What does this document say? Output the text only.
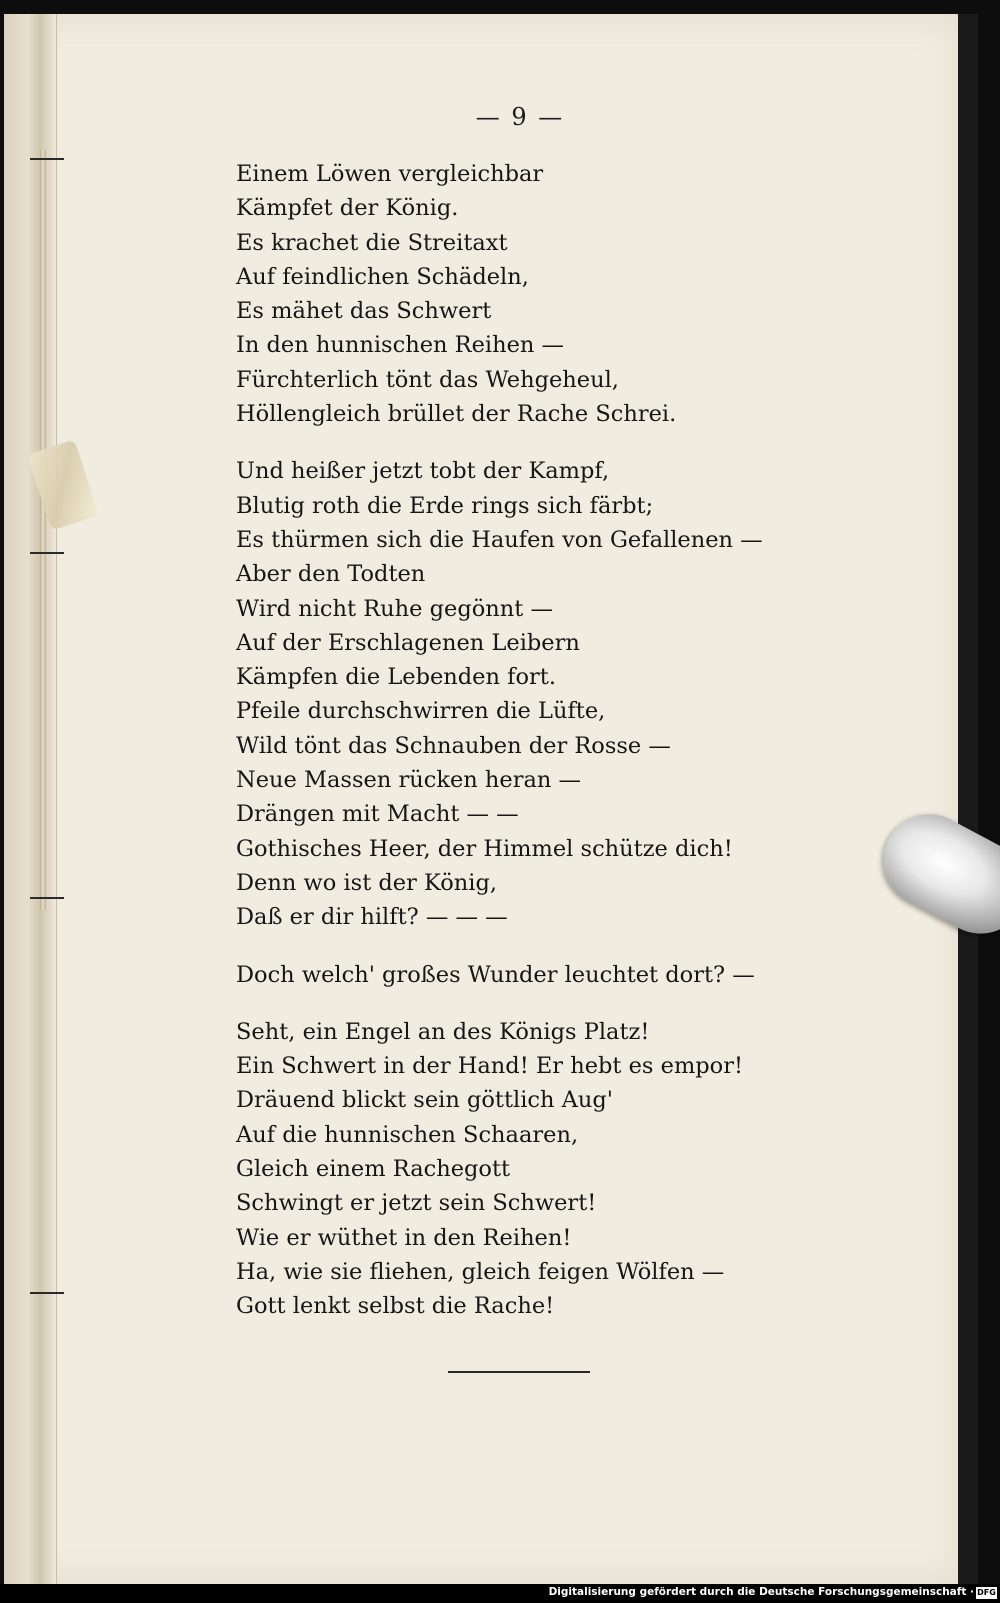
— 9 —
Einem Löwen vergleichbar
Kämpfet der König.
Es krachet die Streitaxt
Auf feindlichen Schädeln,
Es mähet das Schwert
In den hunnischen Reihen —
Fürchterlich tönt das Wehgeheul,
Höllengleich brüllet der Rache Schrei.
Und heißer jetzt tobt der Kampf,
Blutig roth die Erde rings sich färbt;
Es thürmen sich die Haufen von Gefallenen —
Aber den Todten
Wird nicht Ruhe gegönnt —
Auf der Erschlagenen Leibern
Kämpfen die Lebenden fort.
Pfeile durchschwirren die Lüfte,
Wild tönt das Schnauben der Rosse —
Neue Massen rücken heran —
Drängen mit Macht — —
Gothisches Heer, der Himmel schütze dich!
Denn wo ist der König,
Daß er dir hilft? — — —
Doch welch' großes Wunder leuchtet dort? —
Seht, ein Engel an des Königs Platz!
Ein Schwert in der Hand! Er hebt es empor!
Dräuend blickt sein göttlich Aug'
Auf die hunnischen Schaaren,
Gleich einem Rachegott
Schwingt er jetzt sein Schwert!
Wie er wüthet in den Reihen!
Ha, wie sie fliehen, gleich feigen Wölfen —
Gott lenkt selbst die Rache!
Digitalisierung gefördert durch die Deutsche Forschungsgemeinschaft · DFG
